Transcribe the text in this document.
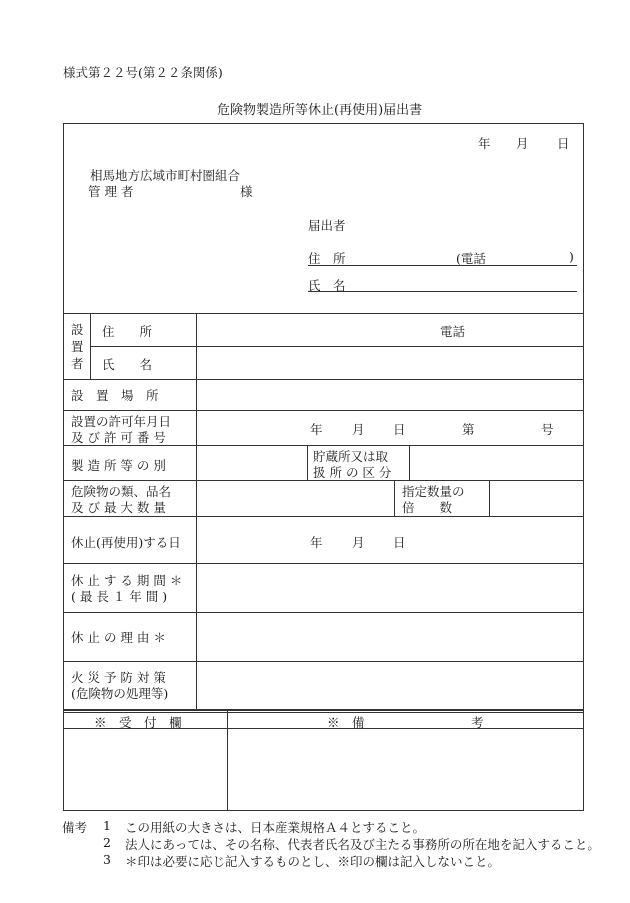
様式第２２号(第２２条関係)
危険物製造所等休止(再使用)届出書
年 月 日
相馬地方広域市町村圏組合
管 理 者	様
届出者
住　所	(電話	)
氏　名
設
置
者
住　　所	電話
氏　　名
設　置　場　所
設置の許可年月日
及 び 許 可 番 号
年 月 日	第	号
製 造 所 等 の 別
貯蔵所又は取
扱 所 の 区 分
危険物の類、品名
及 び 最 大 数 量
指定数量の
倍　　数
休止(再使用)する日	年 月 日
休 止 す る 期 間 ＊
( 最 長 １ 年 間 )
休 止 の 理 由 ＊
火 災 予 防 対 策
(危険物の処理等)
※　受　付　欄	※　備	考
備考 1 この用紙の大きさは、日本産業規格Ａ４とすること。
2 法人にあっては、その名称、代表者氏名及び主たる事務所の所在地を記入すること。
3 ＊印は必要に応じ記入するものとし、※印の欄は記入しないこと。
